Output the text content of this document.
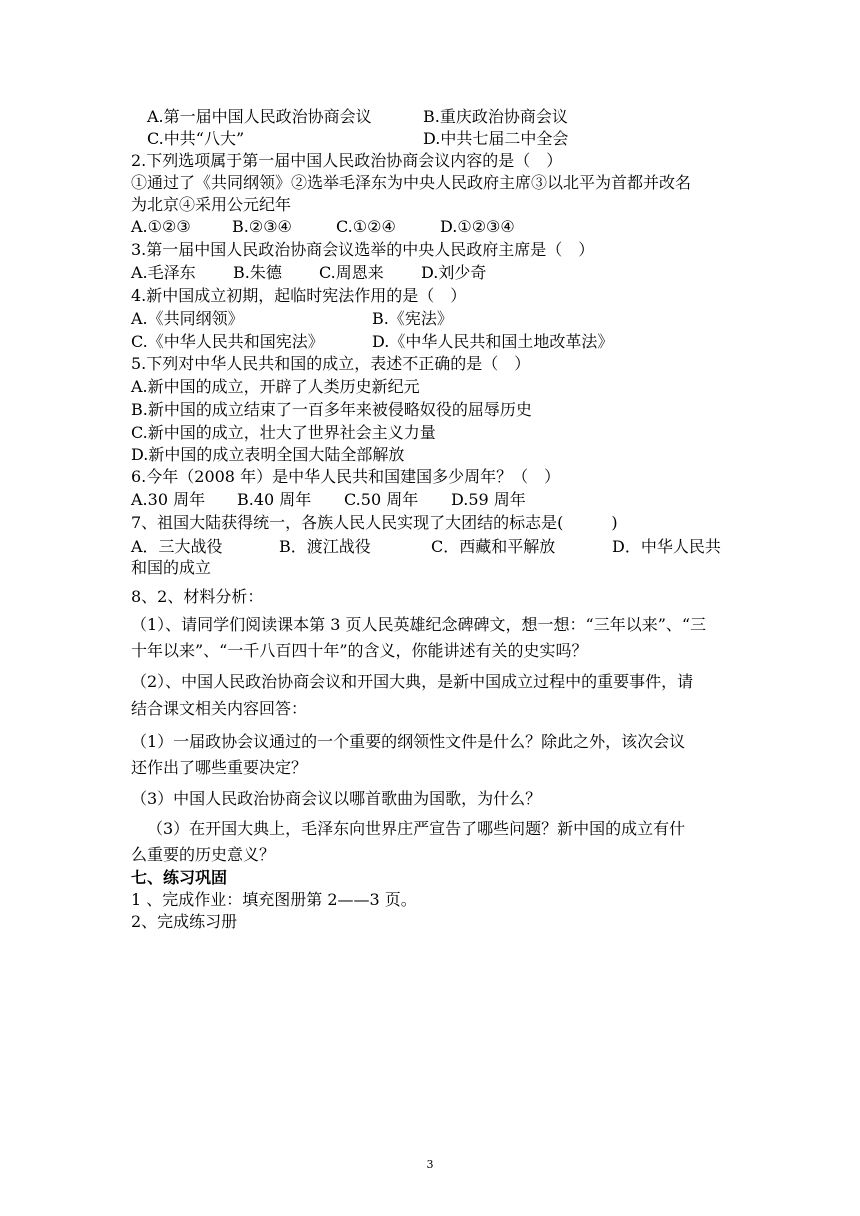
A.第一届中国人民政治协商会议	B.重庆政治协商会议
C.中共“八大”	D.中共七届二中全会
2.下列选项属于第一届中国人民政治协商会议内容的是（　）
①通过了《共同纲领》②选举毛泽东为中央人民政府主席③以北平为首都并改名
为北京④采用公元纪年
A.①②③	B.②③④	C.①②④	D.①②③④
3.第一届中国人民政治协商会议选举的中央人民政府主席是（　）
A.毛泽东 B.朱德 C.周恩来 D.刘少奇
4.新中国成立初期，起临时宪法作用的是（　）
A.《共同纲领》	B.《宪法》
C.《中华人民共和国宪法》	D.《中华人民共和国土地改革法》
5.下列对中华人民共和国的成立，表述不正确的是（　）
A.新中国的成立，开辟了人类历史新纪元
B.新中国的成立结束了一百多年来被侵略奴役的屈辱历史
C.新中国的成立，壮大了世界社会主义力量
D.新中国的成立表明全国大陆全部解放
6.今年（2008 年）是中华人民共和国建国多少周年？（　）
A.30 周年 B.40 周年 C.50 周年 D.59 周年
7、祖国大陆获得统一，各族人民人民实现了大团结的标志是(　　　)
A．三大战役	B．渡江战役	C．西藏和平解放	D．中华人民共
和国的成立
8、2、材料分析：
（1）、请同学们阅读课本第 3 页人民英雄纪念碑碑文，想一想：“三年以来”、“三
十年以来”、“一千八百四十年”的含义，你能讲述有关的史实吗？
（2）、中国人民政治协商会议和开国大典，是新中国成立过程中的重要事件，请
结合课文相关内容回答：
（1）一届政协会议通过的一个重要的纲领性文件是什么？除此之外，该次会议
还作出了哪些重要决定？
（3）中国人民政治协商会议以哪首歌曲为国歌，为什么？
（3）在开国大典上，毛泽东向世界庄严宣告了哪些问题？新中国的成立有什
么重要的历史意义？
七、练习巩固
1 、完成作业：填充图册第 2——3 页。
2、完成练习册
3
